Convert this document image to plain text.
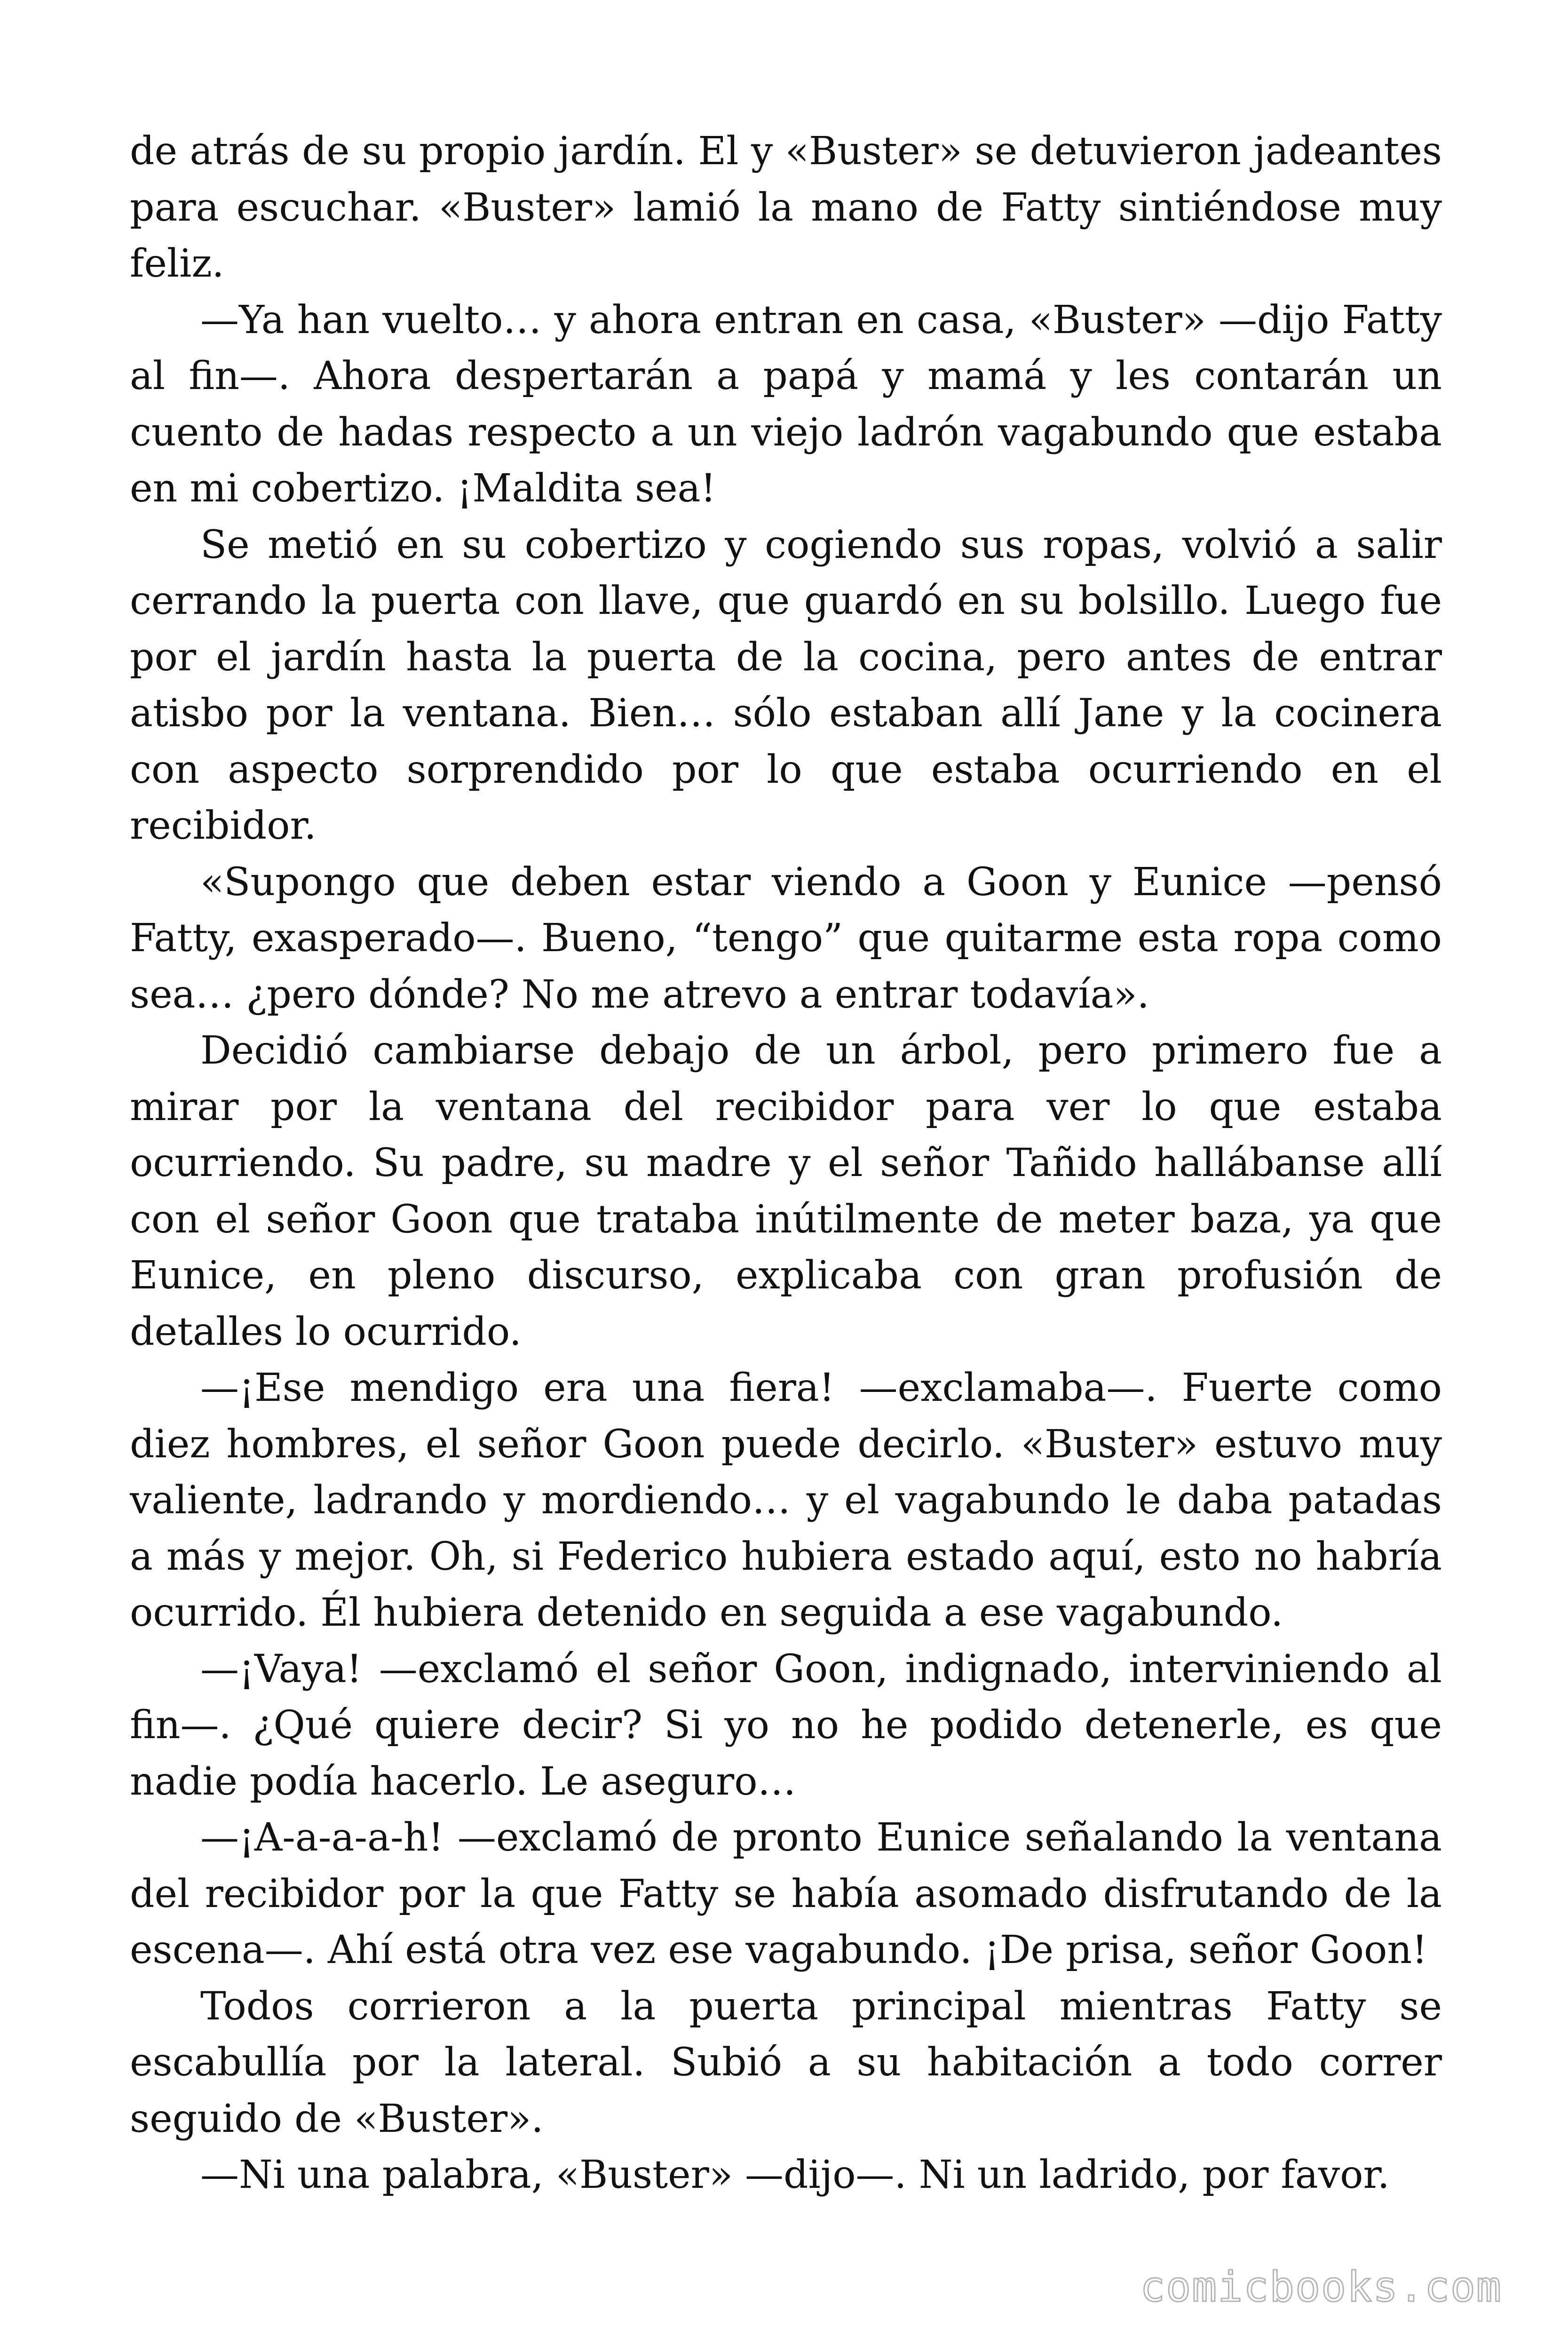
de atrás de su propio jardín. El y «Buster» se detuvieron jadeantes para escuchar. «Buster» lamió la mano de Fatty sintiéndose muy feliz.

—Ya han vuelto… y ahora entran en casa, «Buster» —dijo Fatty al fin—. Ahora despertarán a papá y mamá y les contarán un cuento de hadas respecto a un viejo ladrón vagabundo que estaba en mi cobertizo. ¡Maldita sea!

Se metió en su cobertizo y cogiendo sus ropas, volvió a salir cerrando la puerta con llave, que guardó en su bolsillo. Luego fue por el jardín hasta la puerta de la cocina, pero antes de entrar atisbo por la ventana. Bien… sólo estaban allí Jane y la cocinera con aspecto sorprendido por lo que estaba ocurriendo en el recibidor.

«Supongo que deben estar viendo a Goon y Eunice —pensó Fatty, exasperado—. Bueno, “tengo” que quitarme esta ropa como sea… ¿pero dónde? No me atrevo a entrar todavía».

Decidió cambiarse debajo de un árbol, pero primero fue a mirar por la ventana del recibidor para ver lo que estaba ocurriendo. Su padre, su madre y el señor Tañido hallábanse allí con el señor Goon que trataba inútilmente de meter baza, ya que Eunice, en pleno discurso, explicaba con gran profusión de detalles lo ocurrido.

—¡Ese mendigo era una fiera! —exclamaba—. Fuerte como diez hombres, el señor Goon puede decirlo. «Buster» estuvo muy valiente, ladrando y mordiendo… y el vagabundo le daba patadas a más y mejor. Oh, si Federico hubiera estado aquí, esto no habría ocurrido. Él hubiera detenido en seguida a ese vagabundo.

—¡Vaya! —exclamó el señor Goon, indignado, interviniendo al fin—. ¿Qué quiere decir? Si yo no he podido detenerle, es que nadie podía hacerlo. Le aseguro…

—¡A-a-a-a-h! —exclamó de pronto Eunice señalando la ventana del recibidor por la que Fatty se había asomado disfrutando de la escena—. Ahí está otra vez ese vagabundo. ¡De prisa, señor Goon!

Todos corrieron a la puerta principal mientras Fatty se escabullía por la lateral. Subió a su habitación a todo correr seguido de «Buster».

—Ni una palabra, «Buster» —dijo—. Ni un ladrido, por favor.

comicbooks.com
